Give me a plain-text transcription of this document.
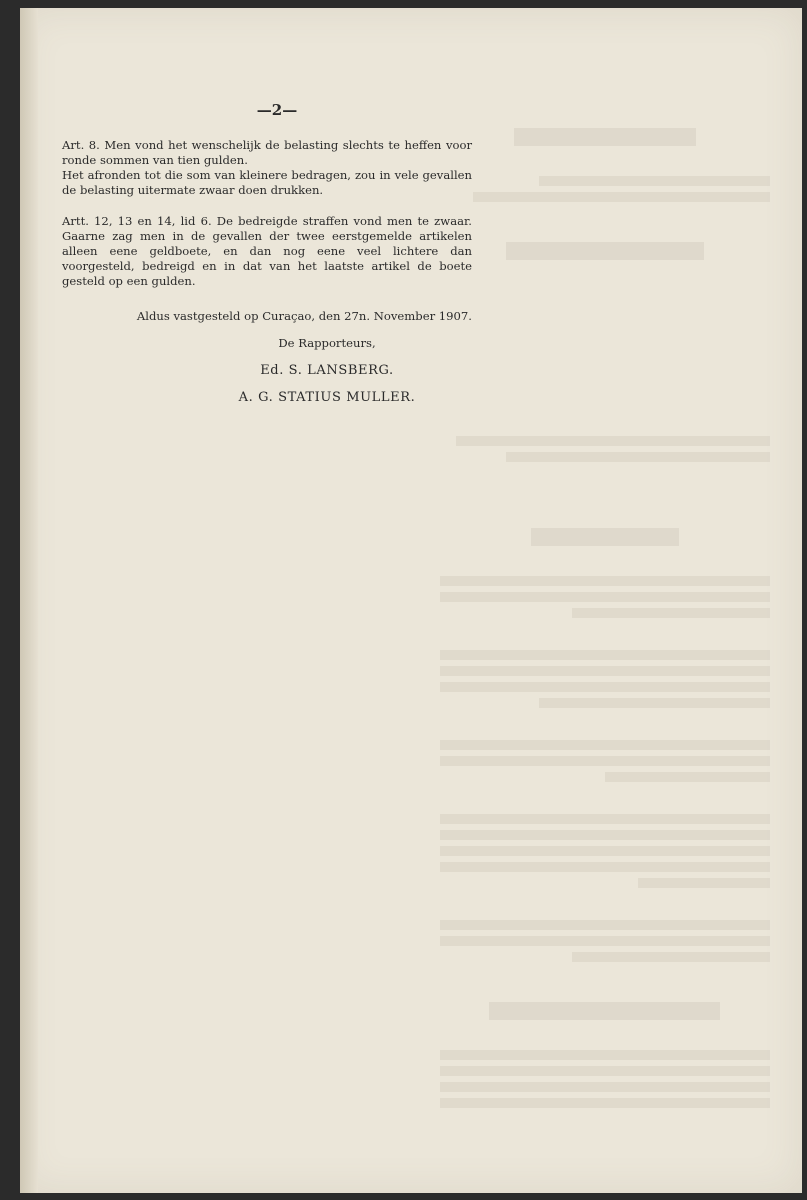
—2—

Art. 8. Men vond het wenschelijk de belasting slechts te heffen voor ronde sommen van tien gulden.

Het afronden tot die som van kleinere bedragen, zou in vele gevallen de belasting uitermate zwaar doen drukken.

Artt. 12, 13 en 14, lid 6. De bedreigde straffen vond men te zwaar. Gaarne zag men in de gevallen der twee eerstgemelde artikelen alleen eene geldboete, en dan nog eene veel lichtere dan voorgesteld, bedreigd en in dat van het laatste artikel de boete gesteld op een gulden.

Aldus vastgesteld op Curaçao, den 27n. November 1907.
De Rapporteurs,
Ed. S. LANSBERG.
A. G. STATIUS MULLER.
